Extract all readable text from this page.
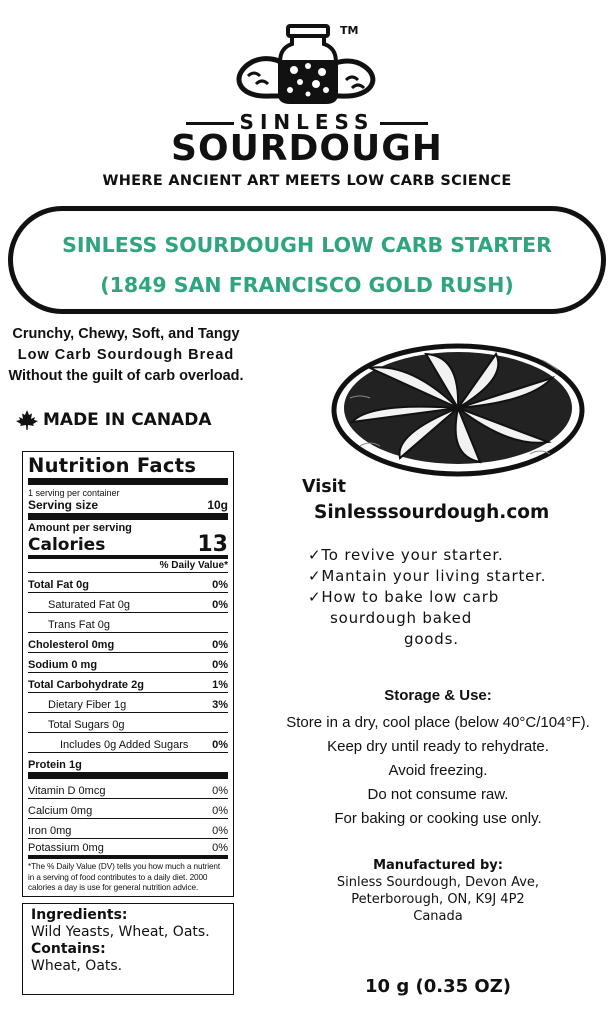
TM
SINLESS
SOURDOUGH
WHERE ANCIENT ART MEETS LOW CARB SCIENCE
SINLESS SOURDOUGH LOW CARB STARTER
(1849 SAN FRANCISCO GOLD RUSH)
Crunchy, Chewy, Soft, and Tangy
Low Carb Sourdough Bread
Without the guilt of carb overload.
MADE IN CANADA
Nutrition Facts
1 serving per container
Serving size	10g
Amount per serving
Calories	13
% Daily Value*
Total Fat 0g	0%
Saturated Fat 0g	0%
Trans Fat 0g
Cholesterol 0mg	0%
Sodium 0 mg	0%
Total Carbohydrate 2g	1%
Dietary Fiber 1g	3%
Total Sugars 0g
Includes 0g Added Sugars 0%
Protein 1g
Vitamin D 0mcg	0%
Calcium 0mg	0%
Iron 0mg	0%
Potassium 0mg	0%
*The % Daily Value (DV) tells you how much a nutrient in a serving of food contributes to a daily diet. 2000 calories a day is use for general nutrition advice.
Ingredients:
Wild Yeasts, Wheat, Oats.
Contains:
Wheat, Oats.
Visit
Sinlesssourdough.com
✓To revive your starter.
✓Mantain your living starter.
✓How to bake low carb
sourdough baked
goods.
Storage & Use:
Store in a dry, cool place (below 40°C/104°F).
Keep dry until ready to rehydrate.
Avoid freezing.
Do not consume raw.
For baking or cooking use only.
Manufactured by:
Sinless Sourdough, Devon Ave,
Peterborough, ON, K9J 4P2
Canada
10 g (0.35 OZ)
